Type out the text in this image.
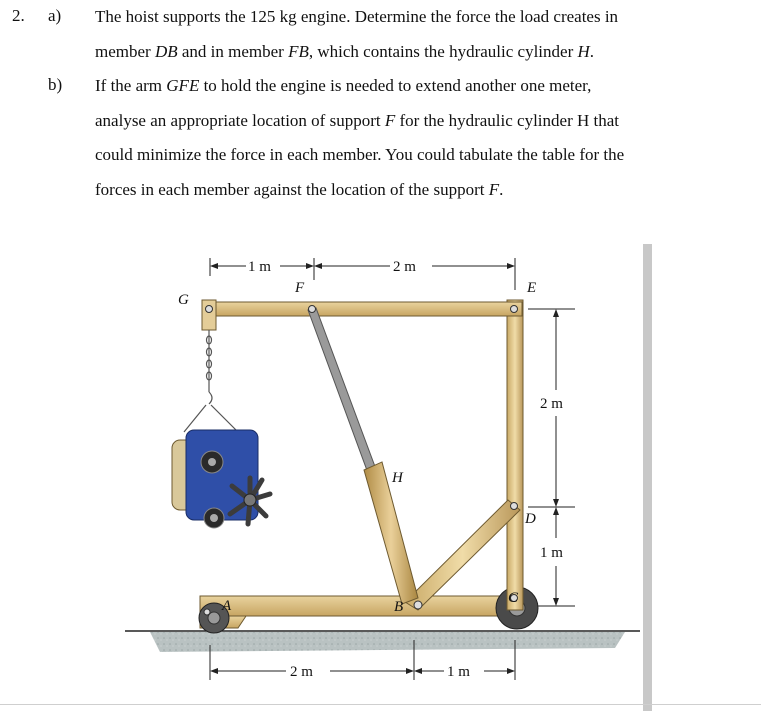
2. a) The hoist supports the 125 kg engine. Determine the force the load creates in
member DB and in member FB, which contains the hydraulic cylinder H.
b) If the arm GFE to hold the engine is needed to extend another one meter,
analyse an appropriate location of support F for the hydraulic cylinder H that
could minimize the force in each member. You could tabulate the table for the
forces in each member against the location of the support F.
1 m	2 m
2 m
1 m
2 m	1 m
G
F	E
H
D
A	B
C
